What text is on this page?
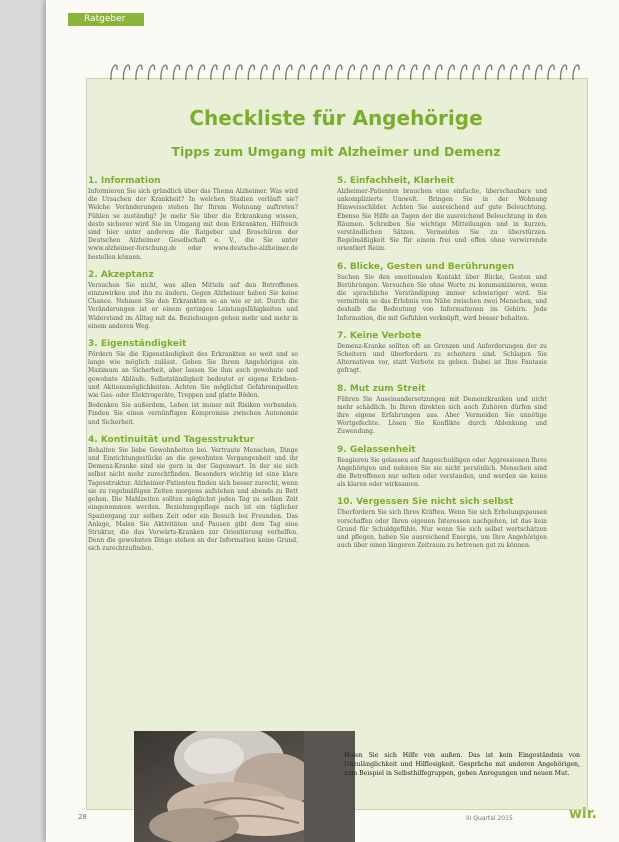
Ratgeber
Checkliste für Angehörige
Tipps zum Umgang mit Alzheimer und Demenz
1. Information

Informieren Sie sich gründlich über das Thema Alzheimer. Was wird die Ursachen der Krankheit? In welchen Stadien verläuft sie? Welche Veränderungen stehen Ihr Ihrem Wohnung auftreten? Fühlen se zuständig? Je mehr Sie über die Erkrankung wissen, desto sicherer wird Sie im Umgang mit dem Erkrankten. Hilfreich sind hier unter anderem die Ratgeber und Broschüren der Deutschen Alzheimer Gesellschaft e. V., die Sie unter www.alzheimer-forschung.de oder www.deutsche-alzheimer.de bestellen können.

2. Akzeptanz

Versuchen Sie nicht, was allen Mitteln auf den Betroffenen einzuwirken und ihn zu ändern. Gegen Alzheimer haben Sie keine Chance. Nehmen Sie den Erkrankten so an wie er ist. Durch die Veränderungen ist er einem geringen Leistungsfähigkeiten und Widerstand im Alltag mit da. Beziehungen gehen mehr und mehr in einem anderen Weg.

3. Eigenständigkeit

Fördern Sie die Eigenständigkeit des Erkrankten so weit und so lange wie möglich zulässt. Geben Sie Ihrem Angehörigen ein Maximum an Sicherheit, aber lassen Sie ihm auch gewohnte und gewohnte Abläufe. Selbstständigkeit bedeutet er eigene Erleben- und Aktionsmöglichkeiten. Achten Sie möglichst Gefahrenquellen wie Gas- oder Elektrogeräte, Treppen und glatte Böden.

Bedenken Sie außerdem, Leben ist immer mit Risiken verbunden. Finden Sie einen vernünftigen Kompromiss zwischen Autonomie und Sicherheit.

4. Kontinuität und Tagesstruktur

Behalten Sie liebe Gewohnheiten bei. Vertraute Menschen, Dinge und Einrichtungsstücke an die gewohnten Vergangenheit und ihr Demenz-Kranke sind sie gern in der Gegenwart. In der sie sich selbst nicht mehr zurechtfinden. Besonders wichtig ist eine klare Tagesstruktur. Alzheimer-Patienten finden sich besser zurecht, wenn sie zu regelmäßigen Zeiten morgens aufstehen und abends zu Bett gehen. Die Mahlzeiten sollten möglichst jeden Tag zu selben Zeit eingenommen werden. Beziehungspflege nach ist ein täglicher Spaziergang zur selben Zeit oder ein Besuch bei Freunden. Das Anlage, Malen Sie Aktivitäten und Pausen gibt dem Tag eine Struktur, die das Vorwärts-Kranken zur Orientierung verhelfen. Denn die gewohnten Dinge stehen an der Information keine Grund, sich zurechtzufinden.

5. Einfachheit, Klarheit

Alzheimer-Patienten brauchen eine einfache, überschaubare und unkomplizierte Umwelt. Bringen Sie in der Wohnung Hinweisschilder. Achten Sie ausreichend auf gute Beleuchtung. Ebenso Sie Hilfe an Tagen der die ausreichend Beleuchtung in den Räumen. Schreiben Sie wichtige Mitteilungen und in kurzen, verständlichen Sätzen. Vermeiden Sie zu überstürzen. Regelmäßigkeit Sie für einem frei und offen ohne verwirrende orientiert Reize.

6. Blicke, Gesten und Berührungen

Suchen Sie den emotionalen Kontakt über Blicke, Gesten und Berührungen. Versuchen Sie ohne Worte zu kommunizieren, wenn die sprachliche Verständigung immer schwieriger wird. Sie vermitteln so das Erlebnis von Nähe zwischen zwei Menschen, und deshalb die Bedeutung von Informationen im Gehirn. Jede Information, die mit Gefühlen verknüpft, wird besser behalten.

7. Keine Verbote

Demenz-Kranke sollten oft an Grenzen und Anforderungen der zu Scheitern und überfordern zu scheitern sind. Schlagen Sie Alternativen vor, statt Verbote zu geben. Dabei ist Ihre Fantasie gefragt.

8. Mut zum Streit

Führen Sie Auseinandersetzungen mit Demenzkranken und nicht mehr schädlich. In Ihren direkten sich auch Zuhören dürfen sind ihre eigene Erfahrungen aus. Aber Vermeiden Sie unnötige Wortgefechte. Lösen Sie Konflikte durch Ablenkung und Zuwendung.

9. Gelassenheit

Reagieren Sie gelassen auf Angeschuldigen oder Aggressionen Ihres Angehörigen und nehmen Sie sie nicht persönlich. Menschen sind die Betroffenen nur selten oder verstanden, und werden sie keine als klaren oder wirksamen.

10. Vergessen Sie nicht sich selbst

Überfordern Sie sich Ihres Kräften. Wenn Sie sich Erholungspausen vorschaffen oder Ihren eigenen Interessen nachgehen, ist das kein Grund für Schuldgefühle. Nur wenn Sie sich selbst wertschätzen und pflegen, haben Sie ausreichend Energie, um Ihre Angehörigen auch über einen längeren Zeitraum zu betreuen gut zu können.

Holen Sie sich Hilfe von außen. Das ist kein Eingeständnis von Unzulänglichkeit und Hilflosigkeit. Gespräche mit anderen Angehörigen, zum Beispiel in Selbsthilfegruppen, geben Anregungen und neuen Mut.

28	III Quartal 2015	wir.
